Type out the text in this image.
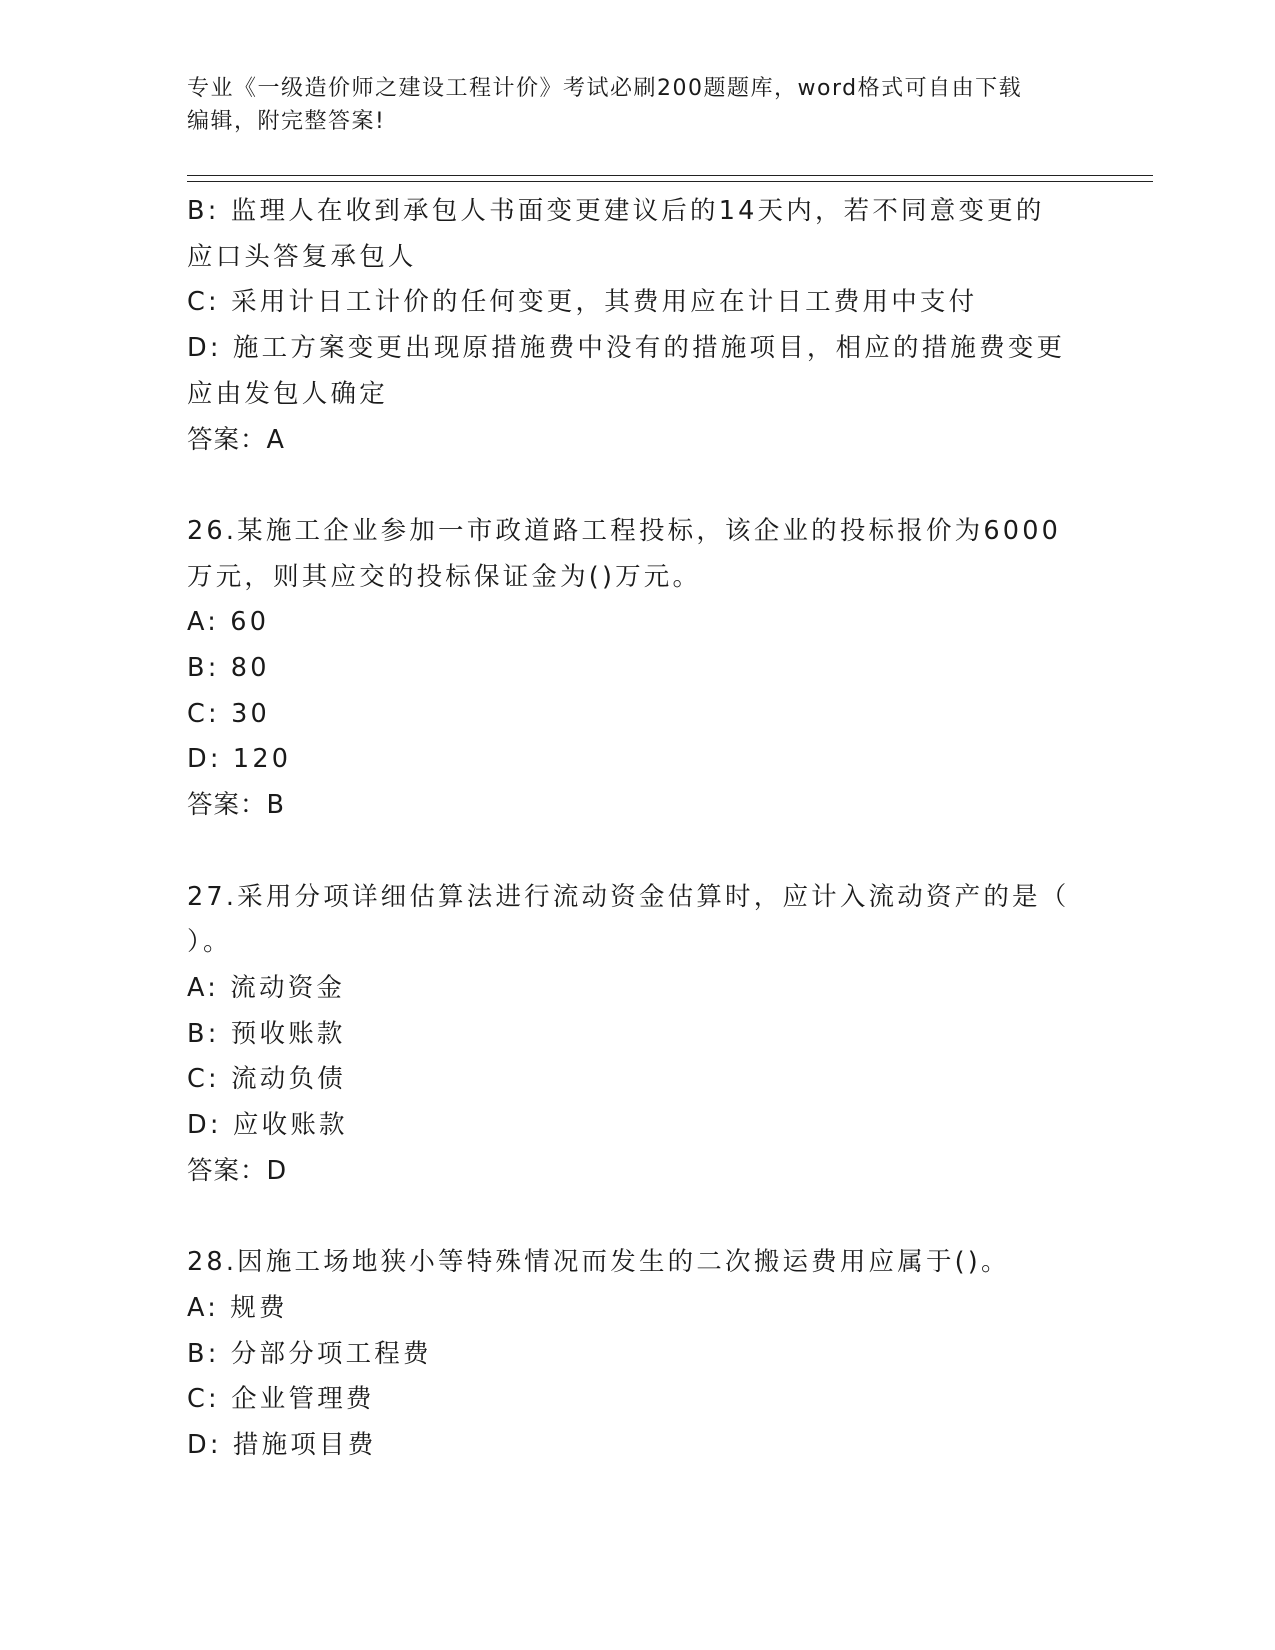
专业《一级造价师之建设工程计价》考试必刷200题题库，word格式可自由下载
编辑，附完整答案!
B: 监理人在收到承包人书面变更建议后的14天内，若不同意变更的
应口头答复承包人
C: 采用计日工计价的任何变更，其费用应在计日工费用中支付
D: 施工方案变更出现原措施费中没有的措施项目，相应的措施费变更
应由发包人确定
答案：A
26.某施工企业参加一市政道路工程投标，该企业的投标报价为6000
万元，则其应交的投标保证金为()万元。
A: 60
B: 80
C: 30
D: 120
答案：B
27.采用分项详细估算法进行流动资金估算时，应计入流动资产的是（
）。
A: 流动资金
B: 预收账款
C: 流动负债
D: 应收账款
答案：D
28.因施工场地狭小等特殊情况而发生的二次搬运费用应属于()。
A: 规费
B: 分部分项工程费
C: 企业管理费
D: 措施项目费
